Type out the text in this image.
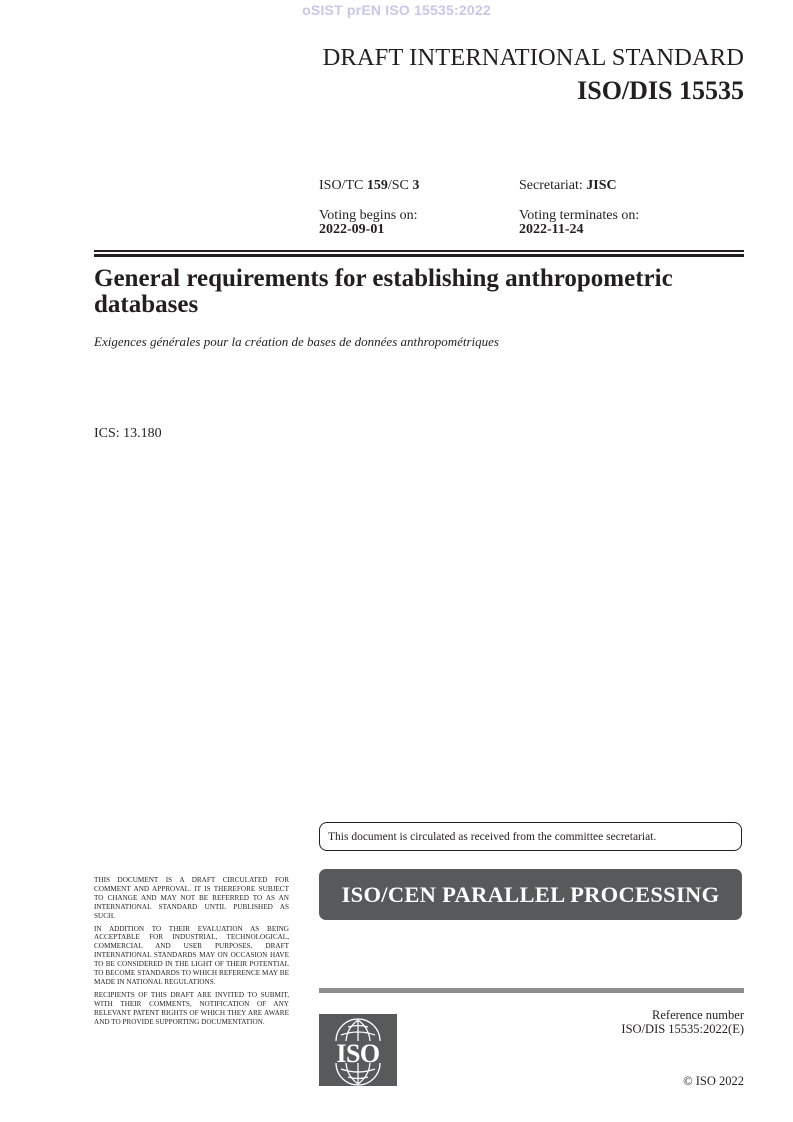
oSIST prEN ISO 15535:2022
DRAFT INTERNATIONAL STANDARD
ISO/DIS 15535
ISO/TC 159/SC 3	Secretariat: JISC
Voting begins on:
2022-09-01
Voting terminates on:
2022-11-24
General requirements for establishing anthropometric databases
Exigences générales pour la création de bases de données anthropométriques
ICS: 13.180
This document is circulated as received from the committee secretariat.
ISO/CEN PARALLEL PROCESSING

THIS DOCUMENT IS A DRAFT CIRCULATED FOR COMMENT AND APPROVAL. IT IS THEREFORE SUBJECT TO CHANGE AND MAY NOT BE REFERRED TO AS AN INTERNATIONAL STANDARD UNTIL PUBLISHED AS SUCH.

IN ADDITION TO THEIR EVALUATION AS BEING ACCEPTABLE FOR INDUSTRIAL, TECHNOLOGICAL, COMMERCIAL AND USER PURPOSES, DRAFT INTERNATIONAL STANDARDS MAY ON OCCASION HAVE TO BE CONSIDERED IN THE LIGHT OF THEIR POTENTIAL TO BECOME STANDARDS TO WHICH REFERENCE MAY BE MADE IN NATIONAL REGULATIONS.

RECIPIENTS OF THIS DRAFT ARE INVITED TO SUBMIT, WITH THEIR COMMENTS, NOTIFICATION OF ANY RELEVANT PATENT RIGHTS OF WHICH THEY ARE AWARE AND TO PROVIDE SUPPORTING DOCUMENTATION.

ISO
Reference number
ISO/DIS 15535:2022(E)
© ISO 2022
